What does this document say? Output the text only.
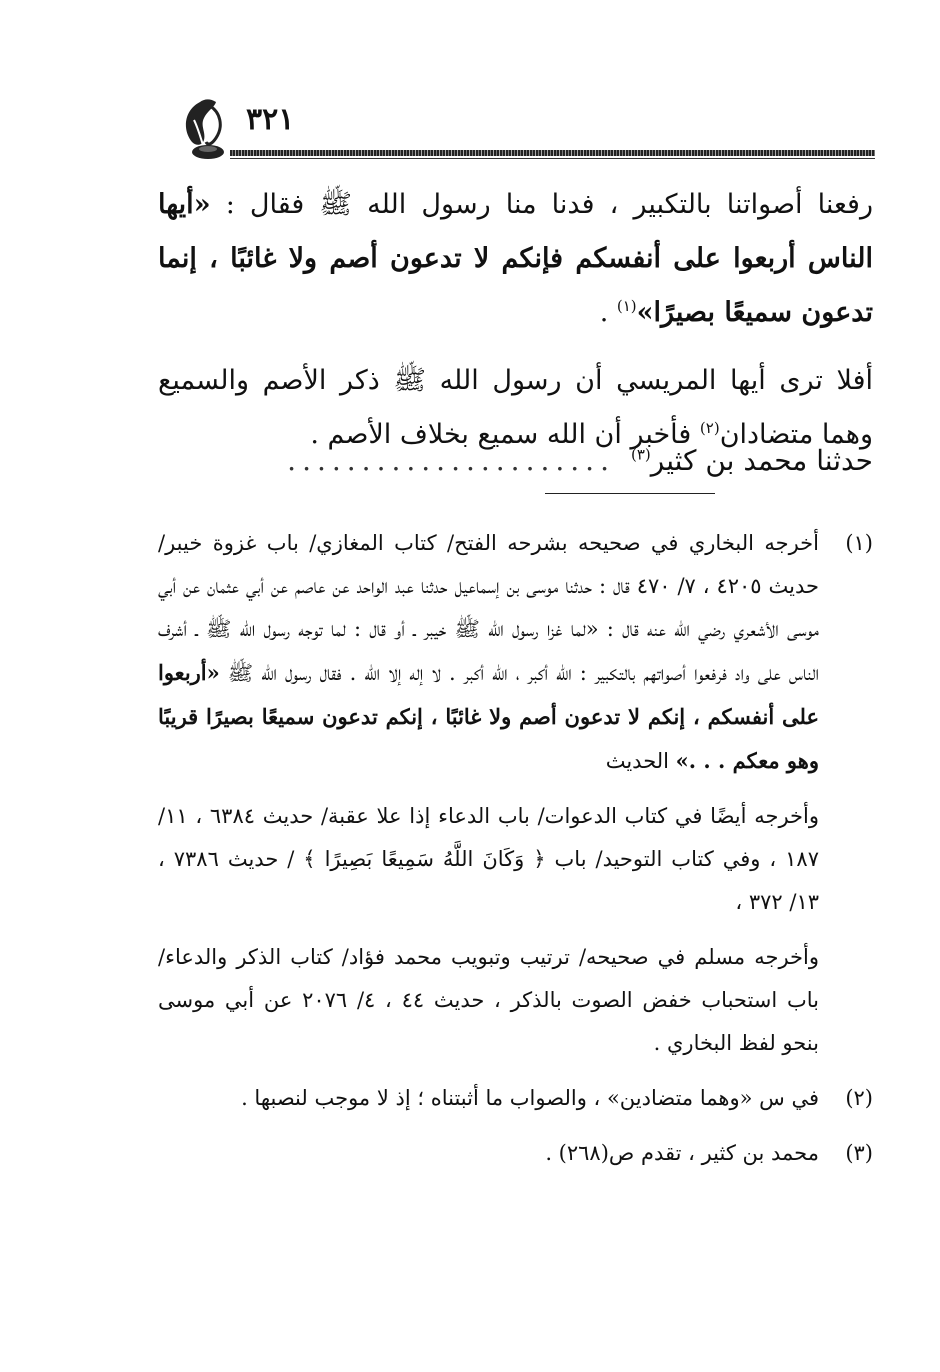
٣٢١

رفعنا أصواتنا بالتكبير ، فدنا منا رسول الله ﷺ فقال : «أيها الناس أربعوا على أنفسكم فإنكم لا تدعون أصم ولا غائبًا ، إنما تدعون سميعًا بصيرًا»$^{(١)}$ .

أفلا ترى أيها المريسي أن رسول الله ﷺ ذكر الأصم والسميع وهما متضادان$^{(٢)}$ فأخبر أن الله سميع بخلاف الأصم .

حدثنا محمد بن كثير$^{(٣)}$
......................
(١)
أخرجه البخاري في صحيحه بشرحه الفتح/ كتاب المغازي/ باب غزوة خيبر/ حديث ٤٢٠٥ ، ٧/ ٤٧٠ قال : حدثنا موسى بن إسماعيل حدثنا عبد الواحد عن عاصم عن أبي عثمان عن أبي موسى الأشعري رضي الله عنه قال : «لما غزا رسول الله ﷺ خيبر ـ أو قال : لما توجه رسول الله ﷺ ـ أشرف الناس على واد فرفعوا أصواتهم بالتكبير : الله أكبر ، الله أكبر . لا إله إلا الله . فقال رسول الله ﷺ «أربعوا على أنفسكم ، إنكم لا تدعون أصم ولا غائبًا ، إنكم تدعون سميعًا بصيرًا قريبًا وهو معكم . . .» الحديث
وأخرجه أيضًا في كتاب الدعوات/ باب الدعاء إذا علا عقبة/ حديث ٦٣٨٤ ، ١١/ ١٨٧ ، وفي كتاب التوحيد/ باب ﴿ وَكَانَ اللَّهُ سَمِيعًا بَصِيرًا ﴾ / حديث ٧٣٨٦ ، ١٣/ ٣٧٢ ،
وأخرجه مسلم في صحيحه/ ترتيب وتبويب محمد فؤاد/ كتاب الذكر والدعاء/ باب استحباب خفض الصوت بالذكر ، حديث ٤٤ ، ٤/ ٢٠٧٦ عن أبي موسى بنحو لفظ البخاري .
(٢)
في س «وهما متضادين» ، والصواب ما أثبتناه ؛ إذ لا موجب لنصبها .
(٣)
محمد بن كثير ، تقدم ص(٢٦٨) .
